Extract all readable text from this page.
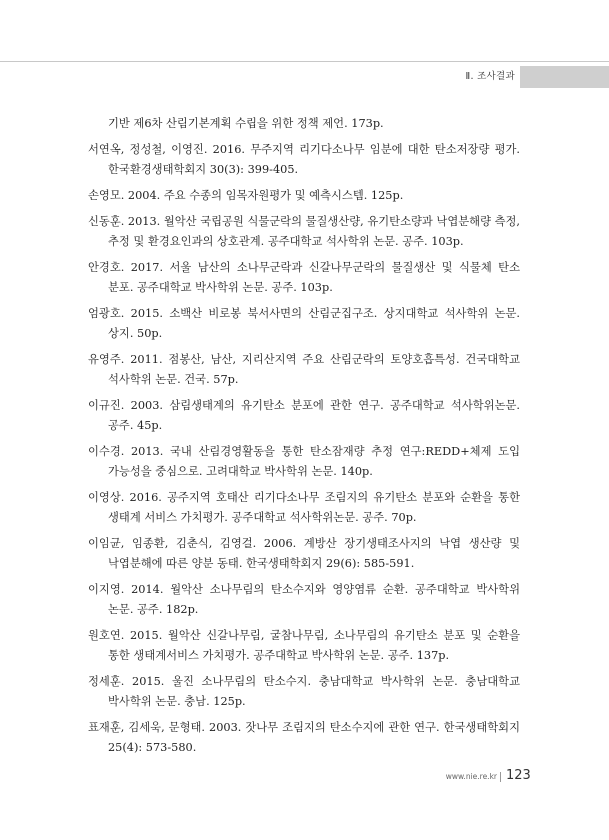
Ⅱ. 조사결과

기반 제6차 산림기본계획 수립을 위한 정책 제언. 173p.

서연옥, 정성철, 이영진. 2016. 무주지역 리기다소나무 임분에 대한 탄소저장량 평가. 한국환경생태학회지 30(3): 399-405.

손영모. 2004. 주요 수종의 임목자원평가 및 예측시스템. 125p.

신동훈. 2013. 월악산 국립공원 식물군락의 물질생산량, 유기탄소량과 낙엽분해량 측정, 추정 및 환경요인과의 상호관계. 공주대학교 석사학위 논문. 공주. 103p.

안경호. 2017. 서울 남산의 소나무군락과 신갈나무군락의 물질생산 및 식물체 탄소 분포. 공주대학교 박사학위 논문. 공주. 103p.

엄광호. 2015. 소백산 비로봉 북서사면의 산림군집구조. 상지대학교 석사학위 논문. 상지. 50p.

유영주. 2011. 점봉산, 남산, 지리산지역 주요 산림군락의 토양호흡특성. 건국대학교 석사학위 논문. 건국. 57p.

이규진. 2003. 삼림생태계의 유기탄소 분포에 관한 연구. 공주대학교 석사학위논문. 공주. 45p.

이수경. 2013. 국내 산림경영활동을 통한 탄소잠재량 추정 연구:REDD+체제 도입 가능성을 중심으로. 고려대학교 박사학위 논문. 140p.

이영상. 2016. 공주지역 호태산 리기다소나무 조림지의 유기탄소 분포와 순환을 통한 생태계 서비스 가치평가. 공주대학교 석사학위논문. 공주. 70p.

이임균, 임종환, 김춘식, 김영걸. 2006. 계방산 장기생태조사지의 낙엽 생산량 및 낙엽분해에 따른 양분 동태. 한국생태학회지 29(6): 585-591.

이지영. 2014. 월악산 소나무림의 탄소수지와 영양염류 순환. 공주대학교 박사학위 논문. 공주. 182p.

원호연. 2015. 월악산 신갈나무림, 굴참나무림, 소나무림의 유기탄소 분포 및 순환을 통한 생태계서비스 가치평가. 공주대학교 박사학위 논문. 공주. 137p.

정세훈. 2015. 울진 소나무림의 탄소수지. 충남대학교 박사학위 논문. 충남대학교 박사학위 논문. 충남. 125p.

표재훈, 김세욱, 문형태. 2003. 잣나무 조림지의 탄소수지에 관한 연구. 한국생태학회지 25(4): 573-580.

www.nie.re.kr 123
